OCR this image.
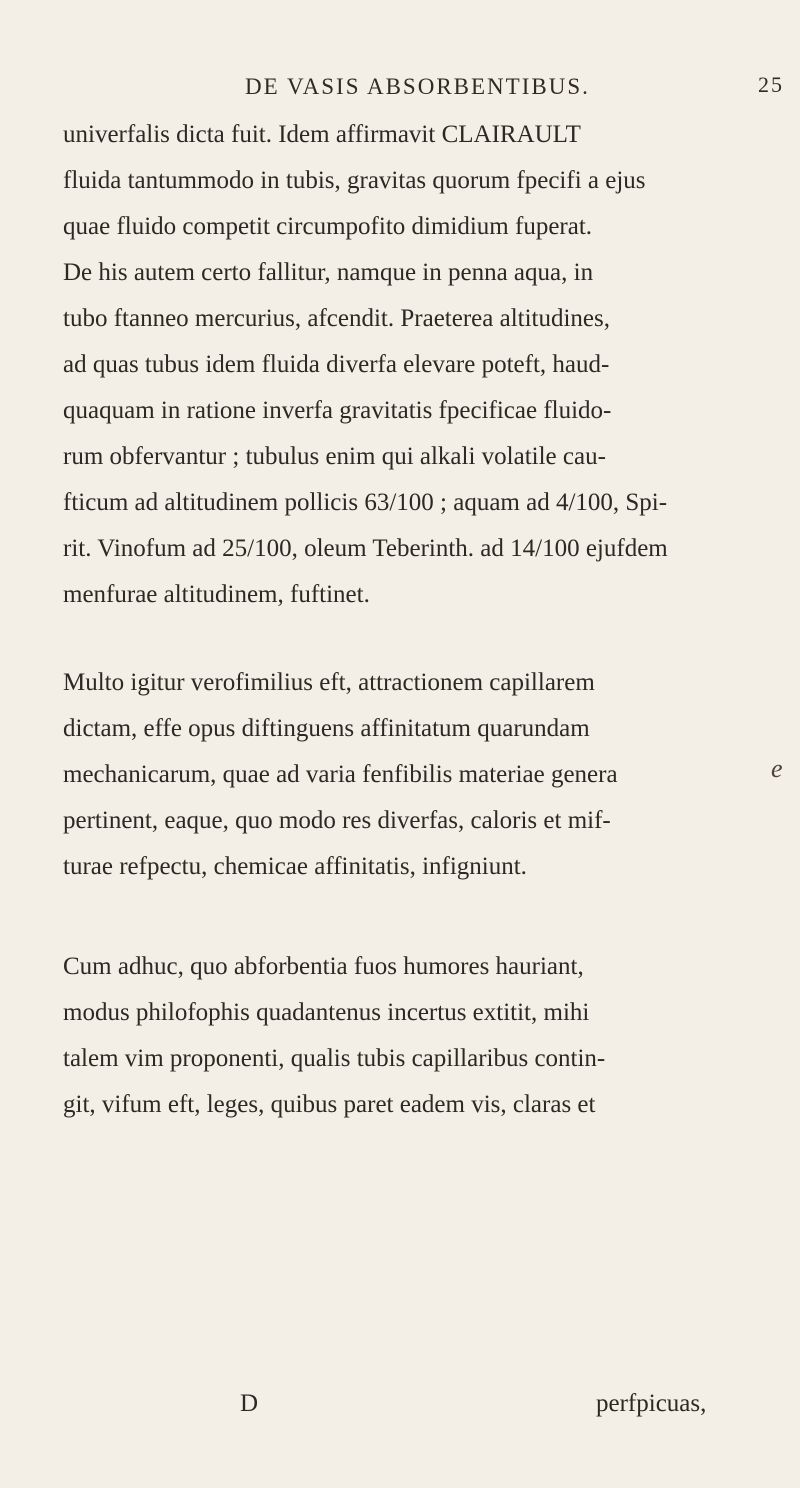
DE VASIS ABSORBENTIBUS.	25
univerfalis dicta fuit. Idem affirmavit CLAIRAULT
fluida tantummodo in tubis, gravitas quorum fpecifi a ejus
quae fluido competit circumpofito dimidium fuperat.
De his autem certo fallitur, namque in penna aqua, in
tubo ftanneo mercurius, afcendit. Praeterea altitudines,
ad quas tubus idem fluida diverfa elevare poteft, haud-
quaquam in ratione inverfa gravitatis fpecificae fluido-
rum obfervantur ; tubulus enim qui alkali volatile cau-
fticum ad altitudinem pollicis 63/100 ; aquam ad 4/100, Spi-
rit. Vinofum ad 25/100, oleum Teberinth. ad 14/100 ejufdem
menfurae altitudinem, fuftinet.
Multo igitur verofimilius eft, attractionem capillarem
dictam, effe opus diftinguens affinitatum quarundam
mechanicarum, quae ad varia fenfibilis materiae genera
pertinent, eaque, quo modo res diverfas, caloris et mif-
turae refpectu, chemicae affinitatis, infigniunt.
e
Cum adhuc, quo abforbentia fuos humores hauriant,
modus philofophis quadantenus incertus extitit, mihi
talem vim proponenti, qualis tubis capillaribus contin-
git, vifum eft, leges, quibus paret eadem vis, claras et
D	perfpicuas,
